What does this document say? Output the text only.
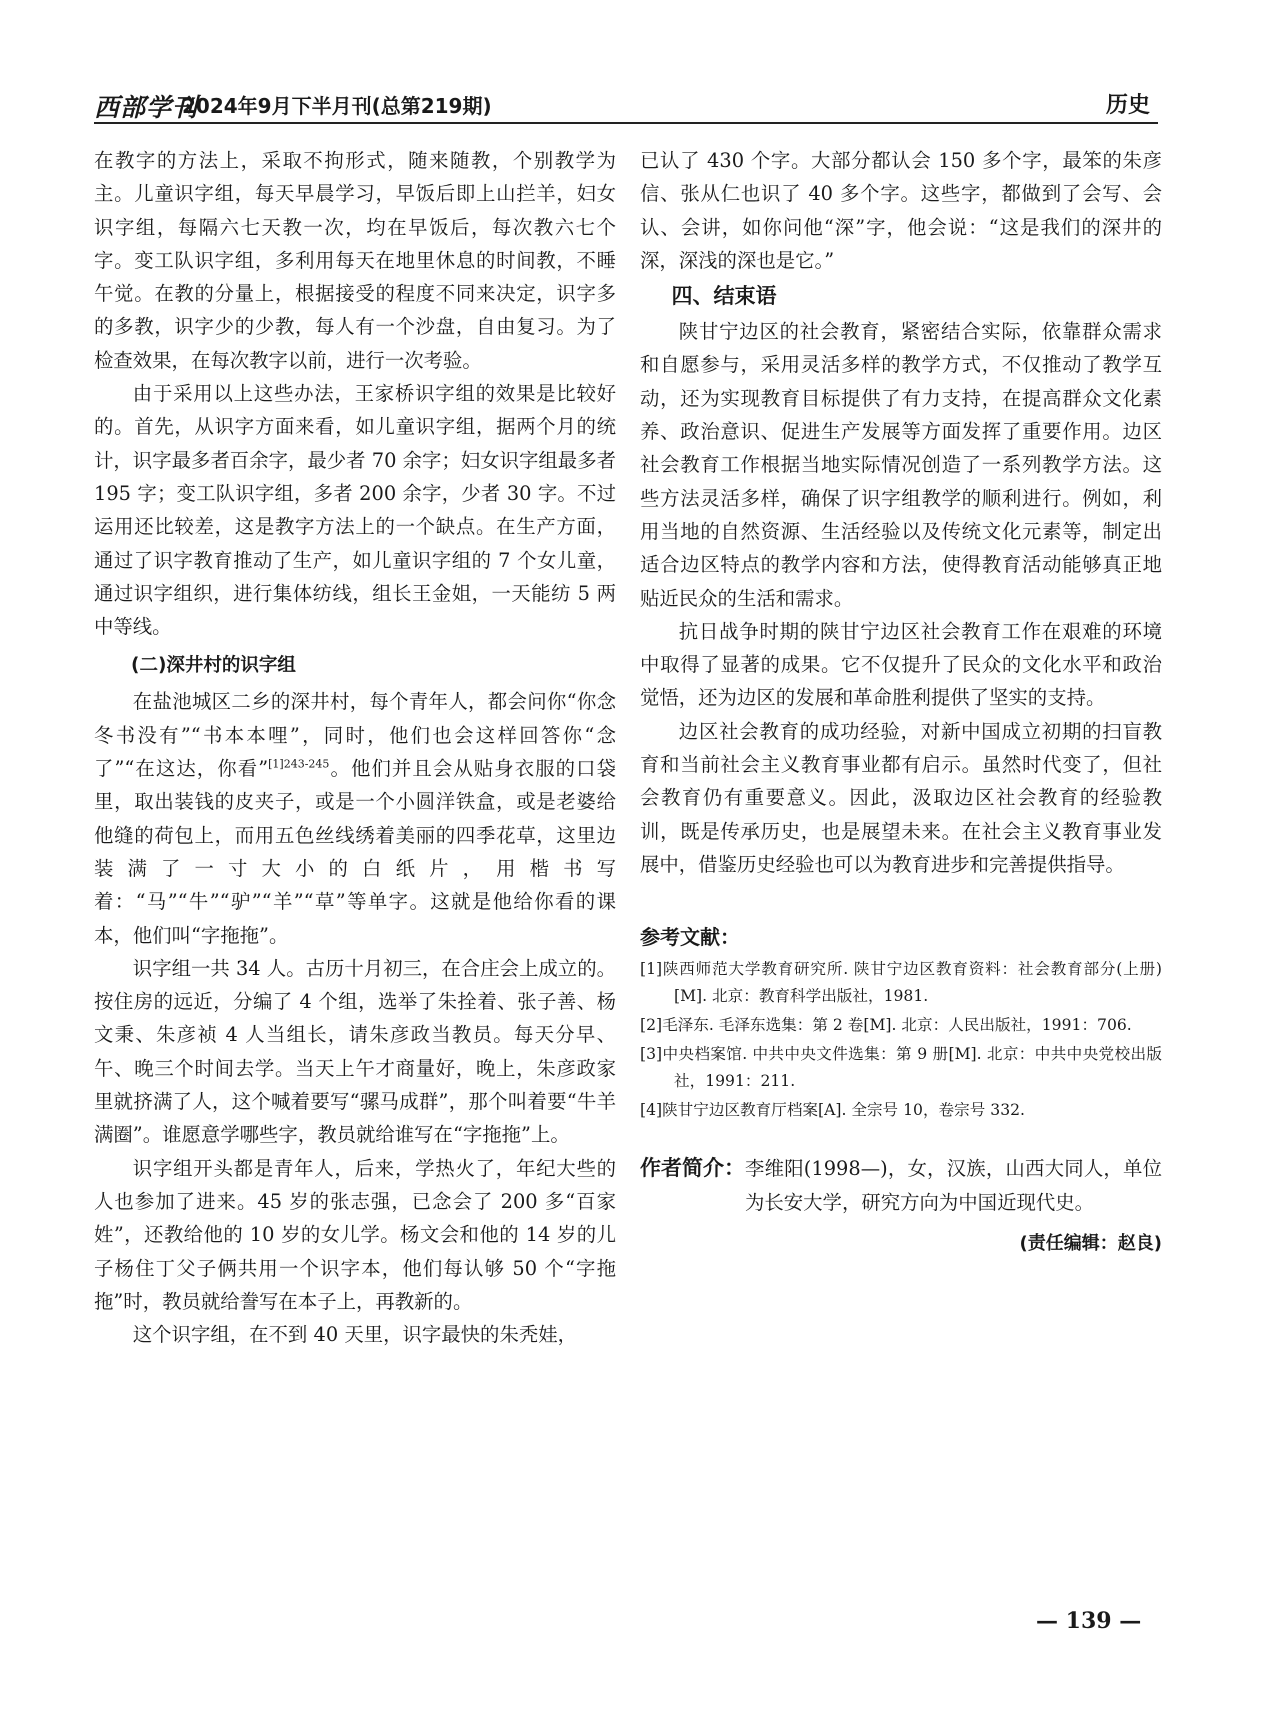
西部学刊
2024年9月下半月刊(总第219期)	历史

在教字的方法上，采取不拘形式，随来随教，个别教学为主。儿童识字组，每天早晨学习，早饭后即上山拦羊，妇女识字组，每隔六七天教一次，均在早饭后，每次教六七个字。变工队识字组，多利用每天在地里休息的时间教，不睡午觉。在教的分量上，根据接受的程度不同来决定，识字多的多教，识字少的少教，每人有一个沙盘，自由复习。为了检查效果，在每次教字以前，进行一次考验。

由于采用以上这些办法，王家桥识字组的效果是比较好的。首先，从识字方面来看，如儿童识字组，据两个月的统计，识字最多者百余字，最少者 70 余字；妇女识字组最多者 195 字；变工队识字组，多者 200 余字，少者 30 字。不过运用还比较差，这是教字方法上的一个缺点。在生产方面，通过了识字教育推动了生产，如儿童识字组的 7 个女儿童，通过识字组织，进行集体纺线，组长王金姐，一天能纺 5 两中等线。

(二)深井村的识字组

在盐池城区二乡的深井村，每个青年人，都会问你“你念冬书没有”“书本本哩”，同时，他们也会这样回答你“念了”“在这达，你看”$^{[1]243-245}$。他们并且会从贴身衣服的口袋里，取出装钱的皮夹子，或是一个小圆洋铁盒，或是老婆给他缝的荷包上，而用五色丝线绣着美丽的四季花草，这里边装满了一寸大小的白纸片，用楷书写着：“马”“牛”“驴”“羊”“草”等单字。这就是他给你看的课本，他们叫“字拖拖”。

识字组一共 34 人。古历十月初三，在合庄会上成立的。按住房的远近，分编了 4 个组，选举了朱拴着、张子善、杨文秉、朱彦祯 4 人当组长，请朱彦政当教员。每天分早、午、晚三个时间去学。当天上午才商量好，晚上，朱彦政家里就挤满了人，这个喊着要写“骡马成群”，那个叫着要“牛羊满圈”。谁愿意学哪些字，教员就给谁写在“字拖拖”上。

识字组开头都是青年人，后来，学热火了，年纪大些的人也参加了进来。45 岁的张志强，已念会了 200 多“百家姓”，还教给他的 10 岁的女儿学。杨文会和他的 14 岁的儿子杨住丁父子俩共用一个识字本，他们每认够 50 个“字拖拖”时，教员就给誊写在本子上，再教新的。

这个识字组，在不到 40 天里，识字最快的朱秃娃，

已认了 430 个字。大部分都认会 150 多个字，最笨的朱彦信、张从仁也识了 40 多个字。这些字，都做到了会写、会认、会讲，如你问他“深”字，他会说：“这是我们的深井的深，深浅的深也是它。”

四、结束语

陕甘宁边区的社会教育，紧密结合实际，依靠群众需求和自愿参与，采用灵活多样的教学方式，不仅推动了教学互动，还为实现教育目标提供了有力支持，在提高群众文化素养、政治意识、促进生产发展等方面发挥了重要作用。边区社会教育工作根据当地实际情况创造了一系列教学方法。这些方法灵活多样，确保了识字组教学的顺利进行。例如，利用当地的自然资源、生活经验以及传统文化元素等，制定出适合边区特点的教学内容和方法，使得教育活动能够真正地贴近民众的生活和需求。

抗日战争时期的陕甘宁边区社会教育工作在艰难的环境中取得了显著的成果。它不仅提升了民众的文化水平和政治觉悟，还为边区的发展和革命胜利提供了坚实的支持。

边区社会教育的成功经验，对新中国成立初期的扫盲教育和当前社会主义教育事业都有启示。虽然时代变了，但社会教育仍有重要意义。因此，汲取边区社会教育的经验教训，既是传承历史，也是展望未来。在社会主义教育事业发展中，借鉴历史经验也可以为教育进步和完善提供指导。

参考文献：
[1]陕西师范大学教育研究所. 陕甘宁边区教育资料：社会教育部分(上册)[M]. 北京：教育科学出版社，1981.
[2]毛泽东. 毛泽东选集：第 2 卷[M]. 北京：人民出版社，1991：706.
[3]中央档案馆. 中共中央文件选集：第 9 册[M]. 北京：中共中央党校出版社，1991：211.
[4]陕甘宁边区教育厅档案[A]. 全宗号 10，卷宗号 332.
作者简介： 李维阳(1998—)，女，汉族，山西大同人，单位为长安大学，研究方向为中国近现代史。
(责任编辑：赵良)
— 139 —
